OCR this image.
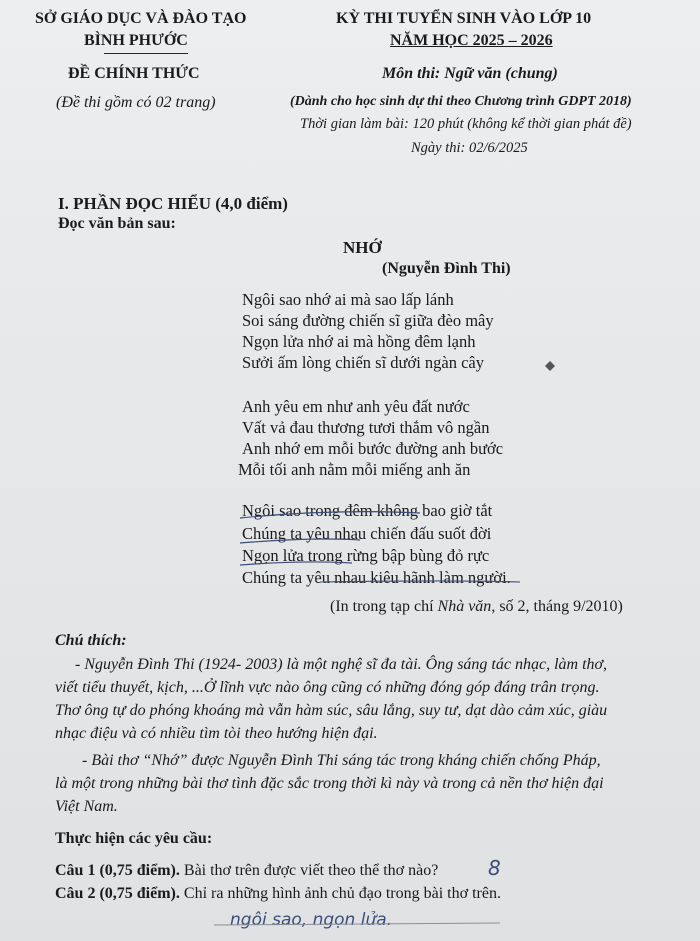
SỞ GIÁO DỤC VÀ ĐÀO TẠO
BÌNH PHƯỚC
ĐỀ CHÍNH THỨC
(Đề thi gồm có 02 trang)
KỲ THI TUYỂN SINH VÀO LỚP 10
NĂM HỌC 2025 – 2026
Môn thi: Ngữ văn (chung)
(Dành cho học sinh dự thi theo Chương trình GDPT 2018)
Thời gian làm bài: 120 phút (không kể thời gian phát đề)
Ngày thi: 02/6/2025
I. PHẦN ĐỌC HIỂU (4,0 điểm)
Đọc văn bản sau:
NHỚ
(Nguyễn Đình Thi)
Ngôi sao nhớ ai mà sao lấp lánh
Soi sáng đường chiến sĩ giữa đèo mây
Ngọn lửa nhớ ai mà hồng đêm lạnh
Sưởi ấm lòng chiến sĩ dưới ngàn cây
Anh yêu em như anh yêu đất nước
Vất vả đau thương tươi thắm vô ngần
Anh nhớ em mỗi bước đường anh bước
Mỗi tối anh nằm mỗi miếng anh ăn
Ngôi sao trong đêm không bao giờ tắt
Chúng ta yêu nhau chiến đấu suốt đời
Ngọn lửa trong rừng bập bùng đỏ rực
Chúng ta yêu nhau kiêu hãnh làm người.
(In trong tạp chí Nhà văn, số 2, tháng 9/2010)
Chú thích:
- Nguyễn Đình Thi (1924- 2003) là một nghệ sĩ đa tài. Ông sáng tác nhạc, làm thơ,
viết tiểu thuyết, kịch, ...Ở lĩnh vực nào ông cũng có những đóng góp đáng trân trọng.
Thơ ông tự do phóng khoáng mà vẫn hàm súc, sâu lắng, suy tư, dạt dào cảm xúc, giàu
nhạc điệu và có nhiều tìm tòi theo hướng hiện đại.
- Bài thơ “Nhớ” được Nguyễn Đình Thi sáng tác trong kháng chiến chống Pháp,
là một trong những bài thơ tình đặc sắc trong thời kì này và trong cả nền thơ hiện đại
Việt Nam.
Thực hiện các yêu cầu:
Câu 1 (0,75 điểm). Bài thơ trên được viết theo thể thơ nào? 8
Câu 2 (0,75 điểm). Chỉ ra những hình ảnh chủ đạo trong bài thơ trên.
ngôi sao, ngọn lửa.
